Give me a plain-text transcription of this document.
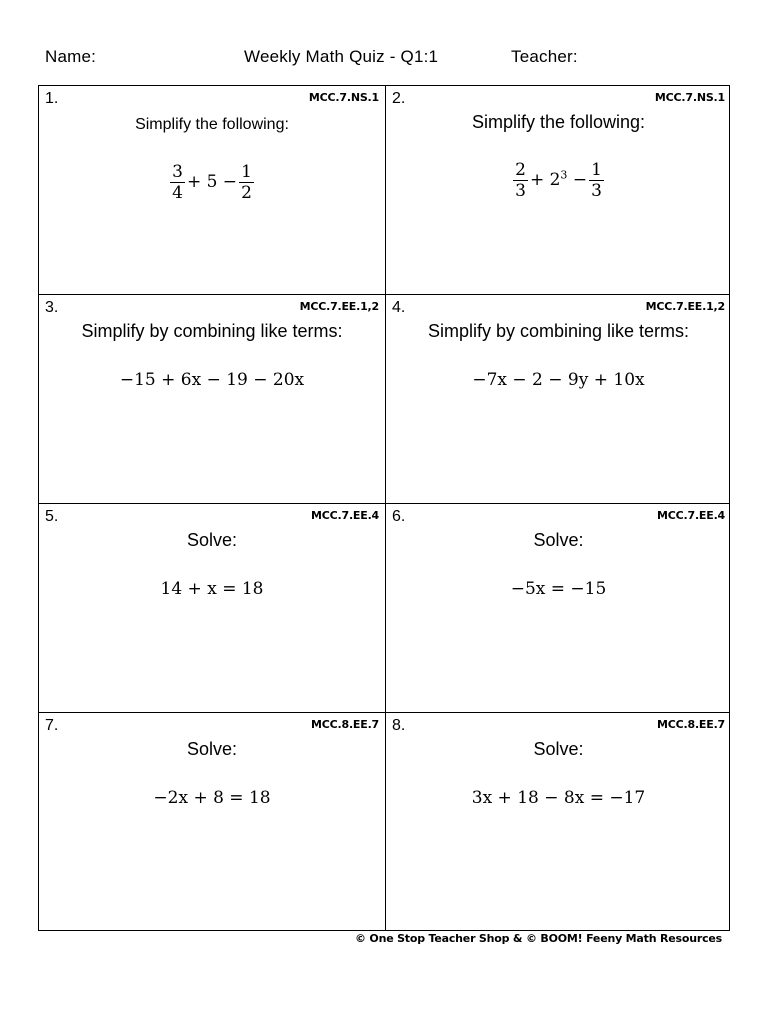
Name:	Weekly Math Quiz - Q1:1	Teacher:
1.	MCC.7.NS.1
Simplify the following:
$\frac{3}{4} + 5 - \frac{1}{2}$
2.	MCC.7.NS.1
Simplify the following:
$\frac{2}{3} + 2^3 - \frac{1}{3}$
3.	MCC.7.EE.1,2
Simplify by combining like terms:
−15 + 6x − 19 − 20x
4.	MCC.7.EE.1,2
Simplify by combining like terms:
−7x − 2 − 9y + 10x
5.	MCC.7.EE.4
Solve:
14 + x = 18
6.	MCC.7.EE.4
Solve:
−5x = −15
7.	MCC.8.EE.7
Solve:
−2x + 8 = 18
8.	MCC.8.EE.7
Solve:
3x + 18 − 8x = −17
© One Stop Teacher Shop & © BOOM! Feeny Math Resources
